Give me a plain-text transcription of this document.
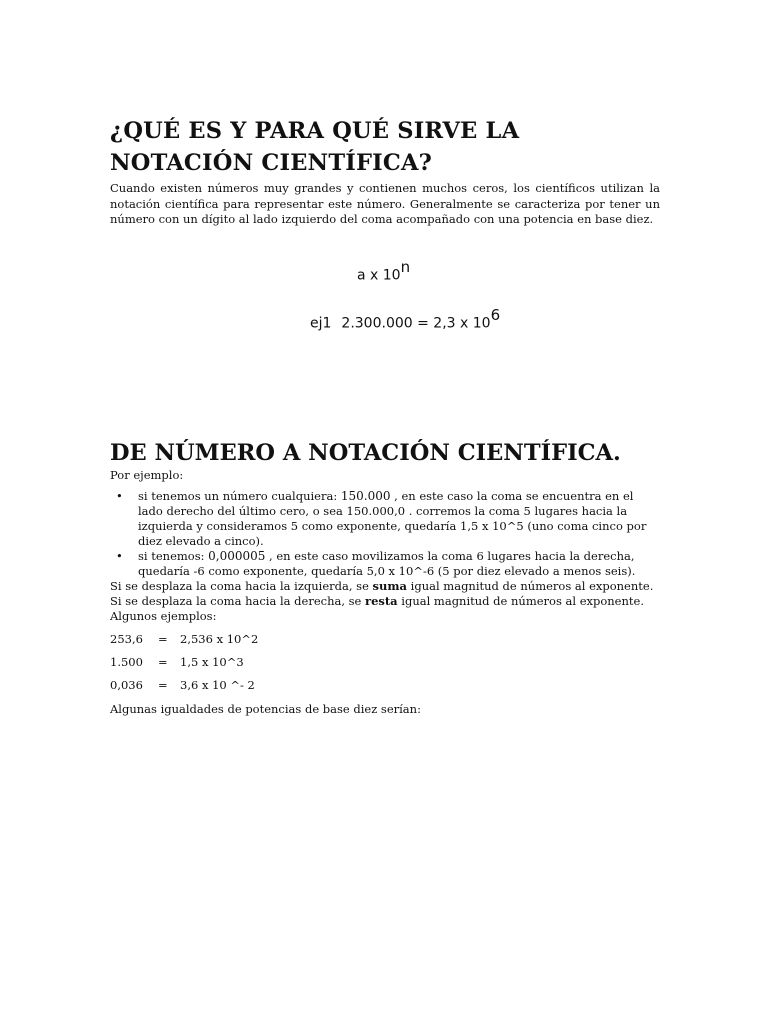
¿QUÉ ES Y PARA QUÉ SIRVE LA
NOTACIÓN CIENTÍFICA?

Cuando existen números muy grandes y contienen muchos ceros, los científicos utilizan la notación científica para representar este número. Generalmente se caracteriza por tener un número con un dígito al lado izquierdo del coma acompañado con una potencia en base diez.

a x 10$^n$
ej1 2.300.000 = 2,3 x $10^6$
DE NÚMERO A NOTACIÓN CIENTÍFICA.

Por ejemplo:

• si tenemos un número cualquiera: 150.000 , en este caso la coma se encuentra en el lado derecho del último cero, o sea 150.000,0 . corremos la coma 5 lugares hacia la izquierda y consideramos 5 como exponente, quedaría 1,5 x 10^5 (uno coma cinco por diez elevado a cinco).
• si tenemos: 0,000005 , en este caso movilizamos la coma 6 lugares hacia la derecha, quedaría -6 como exponente, quedaría 5,0 x 10^-6 (5 por diez elevado a menos seis).

Si se desplaza la coma hacia la izquierda, se suma igual magnitud de números al exponente.

Si se desplaza la coma hacia la derecha, se resta igual magnitud de números al exponente.

Algunos ejemplos:

253,6 = 2,536 x 10^2
1.500 = 1,5 x 10^3
0,036 = 3,6 x 10 ^- 2

Algunas igualdades de potencias de base diez serían:
